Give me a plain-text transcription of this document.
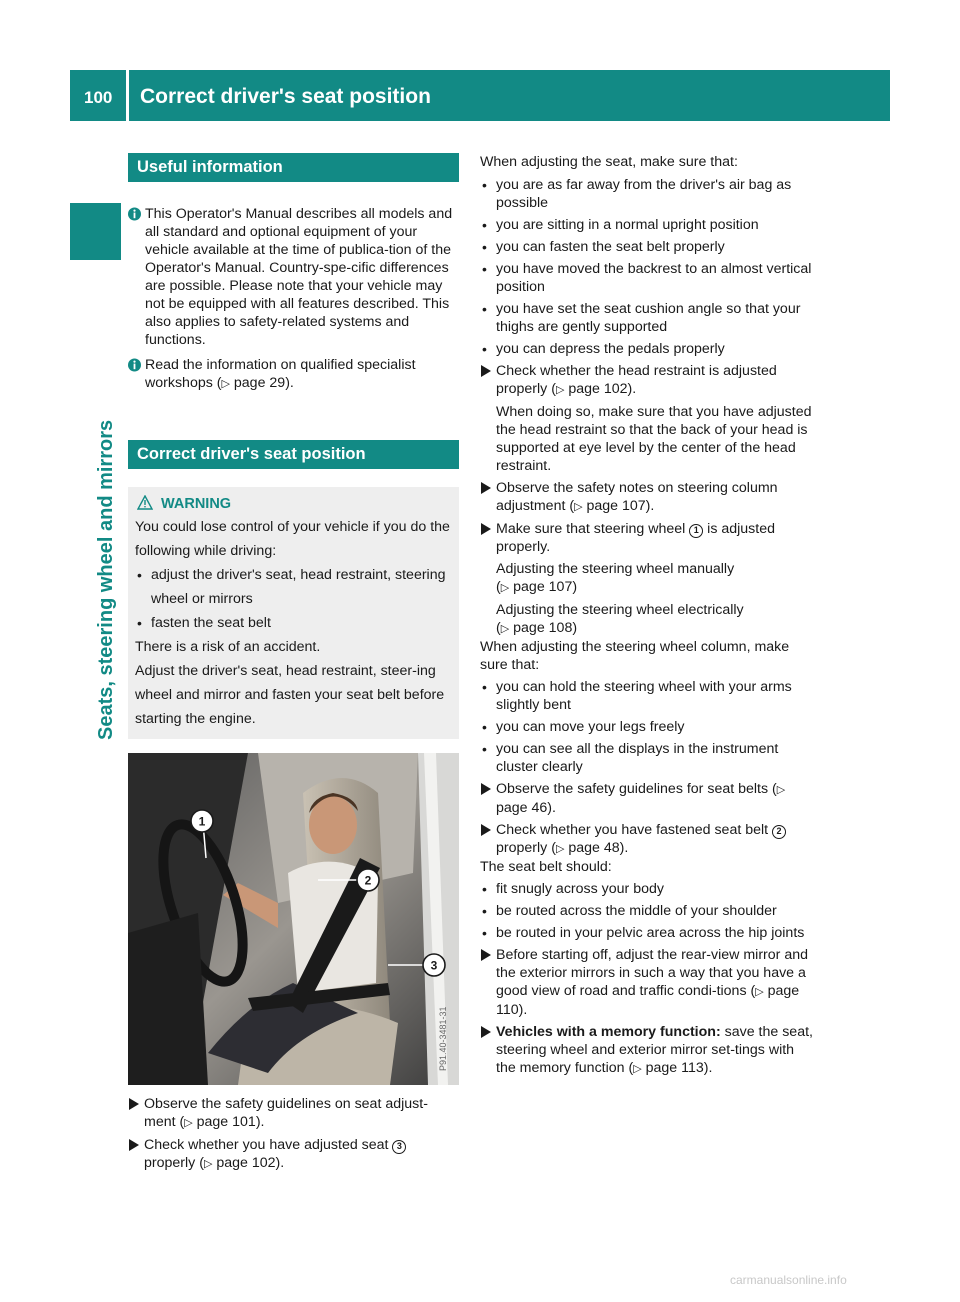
100 Correct driver's seat position
Seats, steering wheel and mirrors
Useful information
This Operator's Manual describes all models and all standard and optional equipment of your vehicle available at the time of publica-tion of the Operator's Manual. Country-spe-cific differences are possible. Please note that your vehicle may not be equipped with all features described. This also applies to safety-related systems and functions.
Read the information on qualified specialist workshops (▷ page 29).
Correct driver's seat position
WARNING
You could lose control of your vehicle if you do the following while driving:
• adjust the driver's seat, head restraint, steering wheel or mirrors
• fasten the seat belt
There is a risk of an accident.
Adjust the driver's seat, head restraint, steer-ing wheel and mirror and fasten your seat belt before starting the engine.
1
2
3
P91.40-3481-31
Observe the safety guidelines on seat adjust-ment (▷ page 101).
Check whether you have adjusted seat 3
properly (▷ page 102).
When adjusting the seat, make sure that:
• you are as far away from the driver's air bag as possible
• you are sitting in a normal upright position
• you can fasten the seat belt properly
• you have moved the backrest to an almost vertical position
• you have set the seat cushion angle so that your thighs are gently supported
• you can depress the pedals properly
Check whether the head restraint is adjusted properly (▷ page 102).
When doing so, make sure that you have adjusted the head restraint so that the back of your head is supported at eye level by the center of the head restraint.
Observe the safety notes on steering column adjustment (▷ page 107).
Make sure that steering wheel 1 is adjusted properly.
Adjusting the steering wheel manually
(▷ page 107)
Adjusting the steering wheel electrically
(▷ page 108)
When adjusting the steering wheel column, make sure that:
• you can hold the steering wheel with your arms slightly bent
• you can move your legs freely
• you can see all the displays in the instrument cluster clearly
Observe the safety guidelines for seat belts (▷ page 46).
Check whether you have fastened seat belt 2 properly (▷ page 48).
The seat belt should:
• fit snugly across your body
• be routed across the middle of your shoulder
• be routed in your pelvic area across the hip joints
Before starting off, adjust the rear-view mirror and the exterior mirrors in such a way that you have a good view of road and traffic condi-tions (▷ page 110).
Vehicles with a memory function: save the seat, steering wheel and exterior mirror set-tings with the memory function (▷ page 113).
carmanualsonline.info
